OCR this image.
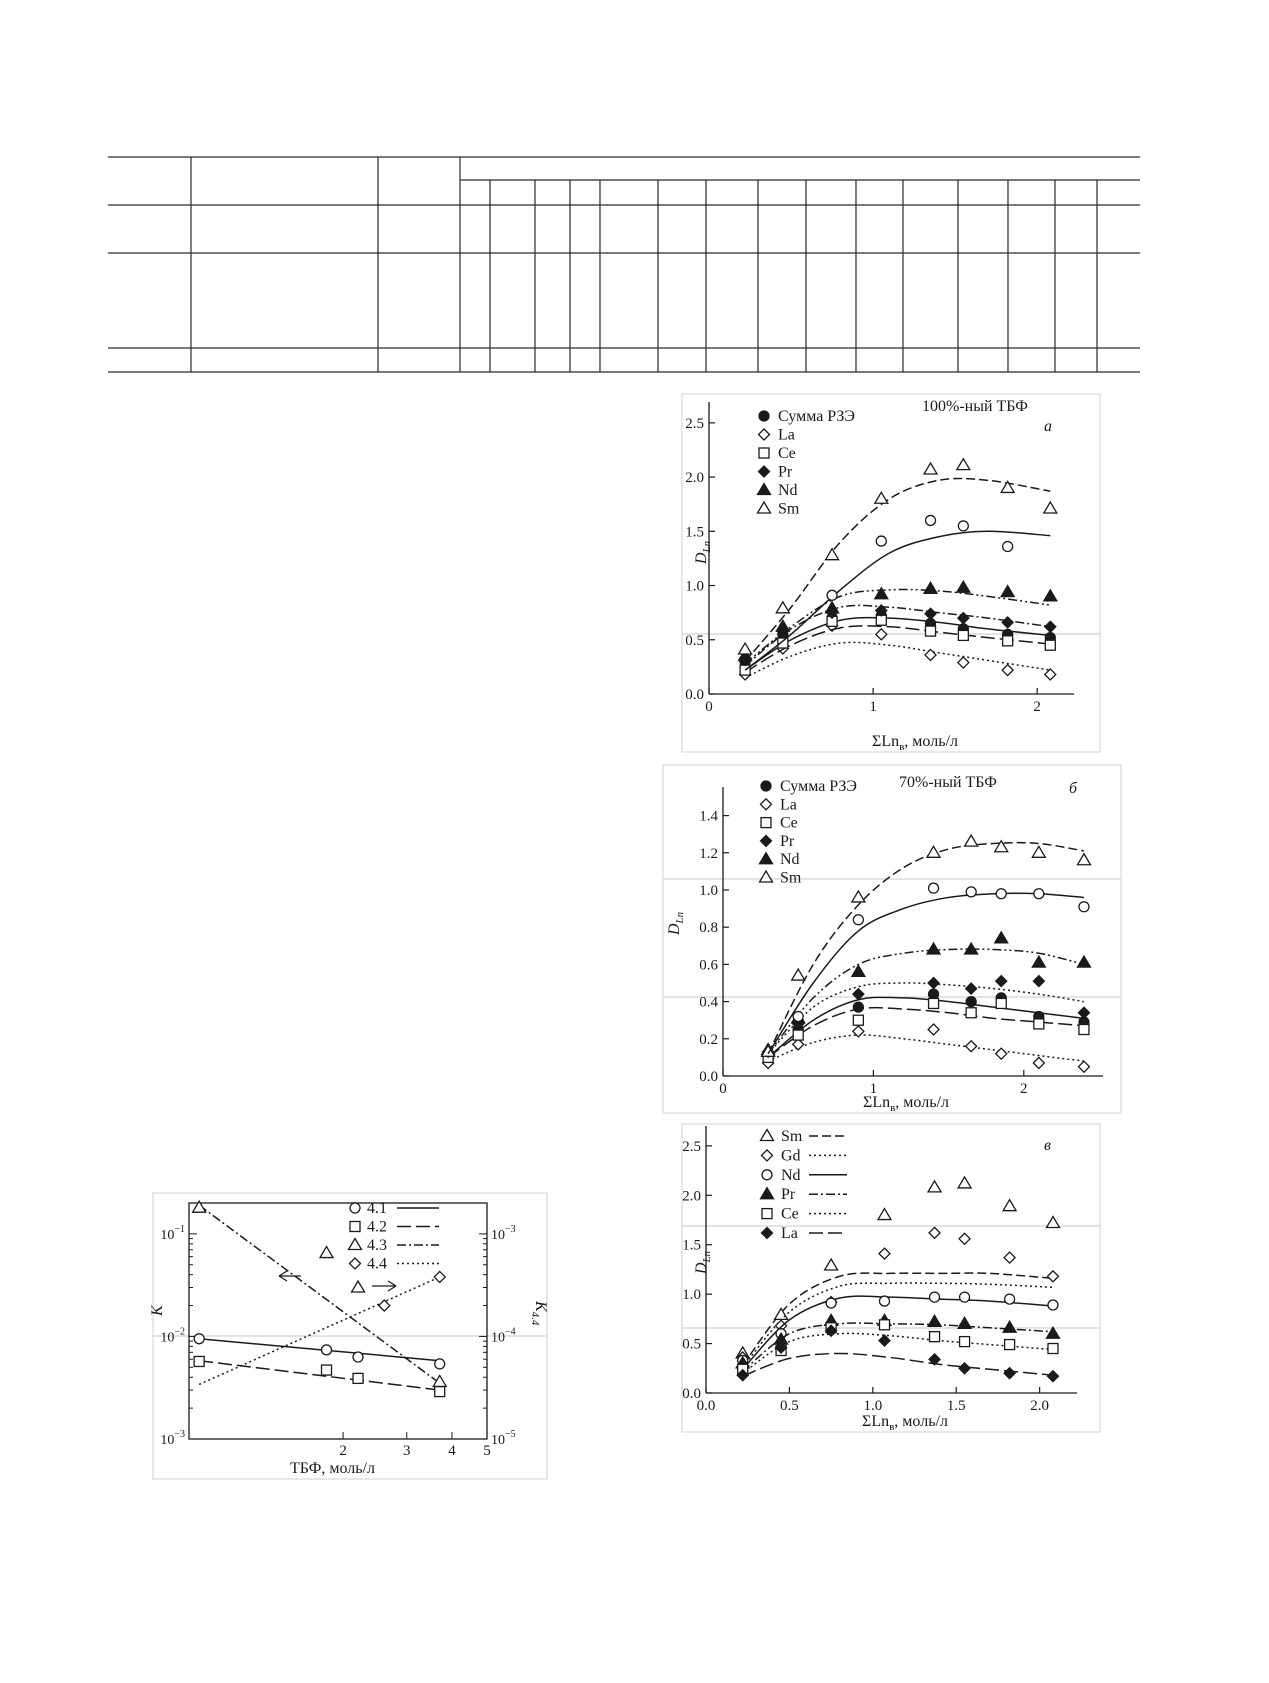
100%-ный ТБФ
а
$D_{Ln}$
ΣLn$_в$, моль/л
0.0
0.5
1.0
1.5
2.0
2.5
0	1	2
Сумма РЗЭ
La
Ce
Pr
Nd
Sm
70%-ный ТБФ	б
$D_{Ln}$
ΣLn$_в$, моль/л
0.0
0.2
0.4
0.6
0.8
1.0
1.2
1.4
0	1	2
Сумма РЗЭ
La
Ce
Pr
Nd
Sm
в
$D_{Ln}$
ΣLn$_в$, моль/л
0.0
0.5
1.0
1.5
2.0
2.5
0.0	0.5	1.0	1.5	2.0
Sm
Gd
Nd
Pr
Ce
La
K	$K_{4.4}$
ТБФ, моль/л
$10^{-1}$
$10^{-2}$
$10^{-3}$
$10^{-3}$
$10^{-4}$
$10^{-5}$
2	3	4 5
4.1
4.2
4.3
4.4
